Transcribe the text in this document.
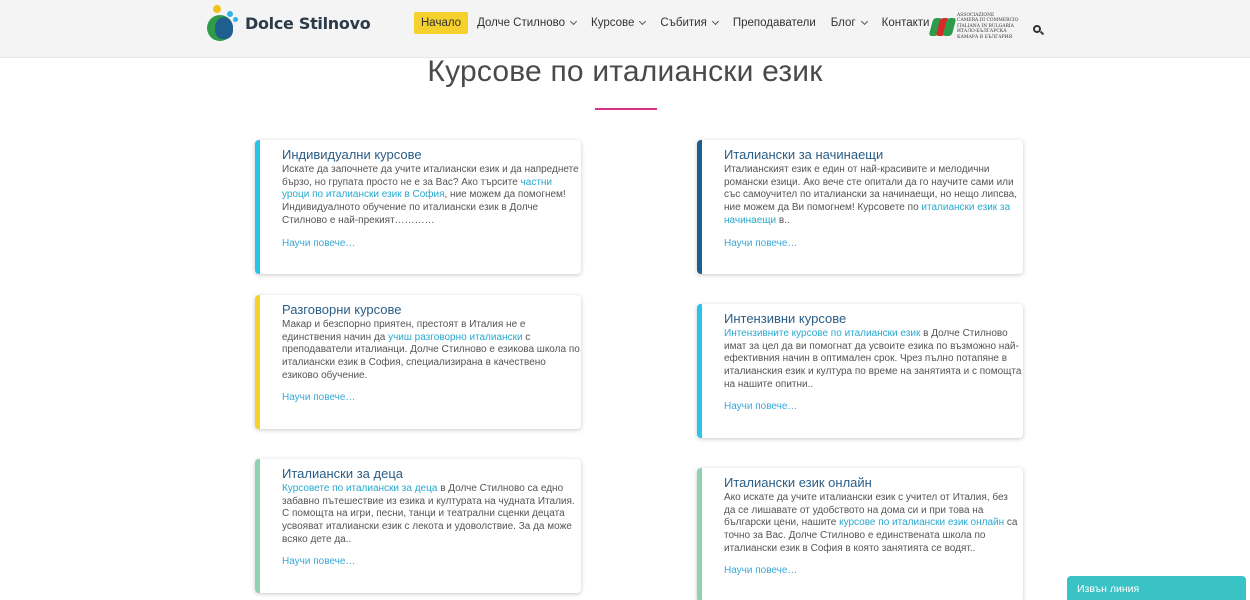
Dolce Stilnovo	Начало Долче Стилново Курсове Събития Преподаватели Блог Контакти
ASSOCIAZIONE
CAMERA DI COMMERCIO
ITALIANA IN BULGARIA
ИТАЛО-БЪЛГАРСКА
КАМАРА В БЪЛГАРИЯ
Курсове по италиански език
Индивидуални курсове
Искате да започнете да учите италиански език и да напреднете бързо, но групата просто не е за Вас? Ако търсите частни уроци по италиански език в София, ние можем да помогнем! Индивидуалното обучение по италиански език в Долче Стилново е най-прекият…………
Научи повече…
Италиански за начинаещи
Италианският език е един от най-красивите и мелодични романски езици. Ако вече сте опитали да го научите сами или със самоучител по италиански за начинаещи, но нещо липсва, ние можем да Ви помогнем! Курсовете по италиански език за начинаещи в..
Научи повече…
Разговорни курсове
Макар и безспорно приятен, престоят в Италия не е единствения начин да учиш разговорно италиански с преподаватели италианци. Долче Стилново е езикова школа по италиански език в София, специализирана в качествено езиково обучение.
Научи повече…
Интензивни курсове
Интензивните курсове по италиански език в Долче Стилново имат за цел да ви помогнат да усвоите езика по възможно най-ефективния начин в оптимален срок. Чрез пълно потапяне в италианския език и култура по време на занятията и с помощта на нашите опитни..
Научи повече…
Италиански за деца
Курсовете по италиански за деца в Долче Стилново са едно забавно пътешествие из езика и културата на чудната Италия. С помощта на игри, песни, танци и театрални сценки децата усвояват италиански език с лекота и удоволствие. За да може всяко дете да..
Научи повече…
Италиански език онлайн
Ако искате да учите италиански език с учител от Италия, без да се лишавате от удобството на дома си и при това на български цени, нашите курсове по италиански език онлайн са точно за Вас. Долче Стилново е единствената школа по италиански език в София в която занятията се водят..
Научи повече…
Извън линия
